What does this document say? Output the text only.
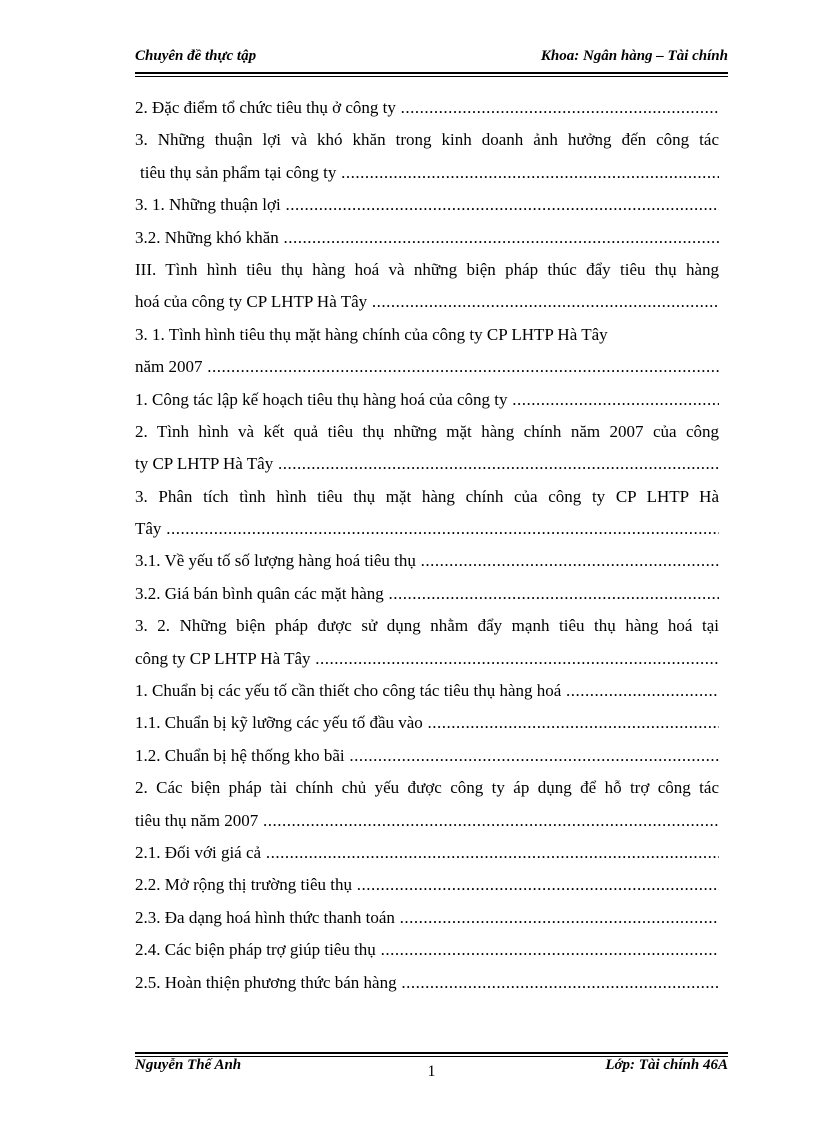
Chuyên đề thực tập	Khoa: Ngân hàng – Tài chính
2. Đặc điểm tổ chức tiêu thụ ở công ty .....
3. Những thuận lợi và khó khăn trong kinh doanh ảnh hưởng đến công tác
tiêu thụ sản phẩm tại công ty .....
3. 1. Những thuận lợi .....
3.2. Những khó khăn .....
III. Tình hình tiêu thụ hàng hoá và những biện pháp thúc đẩy tiêu thụ hàng
hoá của công ty CP LHTP Hà Tây .....
3. 1. Tình hình tiêu thụ mặt hàng chính của công ty CP LHTP Hà Tây
năm 2007 .....
1. Công tác lập kế hoạch tiêu thụ hàng hoá của công ty .....
2. Tình hình và kết quả tiêu thụ những mặt hàng chính năm 2007 của công
ty CP LHTP Hà Tây .....
3. Phân tích tình hình tiêu thụ mặt hàng chính của công ty CP LHTP Hà
Tây .....
3.1. Về yếu tố số lượng hàng hoá tiêu thụ .....
3.2. Giá bán bình quân các mặt hàng .....
3. 2. Những biện pháp được sử dụng nhằm đẩy mạnh tiêu thụ hàng hoá tại
công ty CP LHTP Hà Tây .....
1. Chuẩn bị các yếu tố cần thiết cho công tác tiêu thụ hàng hoá .....
1.1. Chuẩn bị kỹ lưỡng các yếu tố đầu vào .....
1.2. Chuẩn bị hệ thống kho bãi .....
2. Các biện pháp tài chính chủ yếu được công ty áp dụng để hỗ trợ công tác
tiêu thụ năm 2007 .....
2.1. Đối với giá cả .....
2.2. Mở rộng thị trường tiêu thụ .....
2.3. Đa dạng hoá hình thức thanh toán .....
2.4. Các biện pháp trợ giúp tiêu thụ .....
2.5. Hoàn thiện phương thức bán hàng .....
Nguyễn Thế Anh	1	Lớp: Tài chính 46A
